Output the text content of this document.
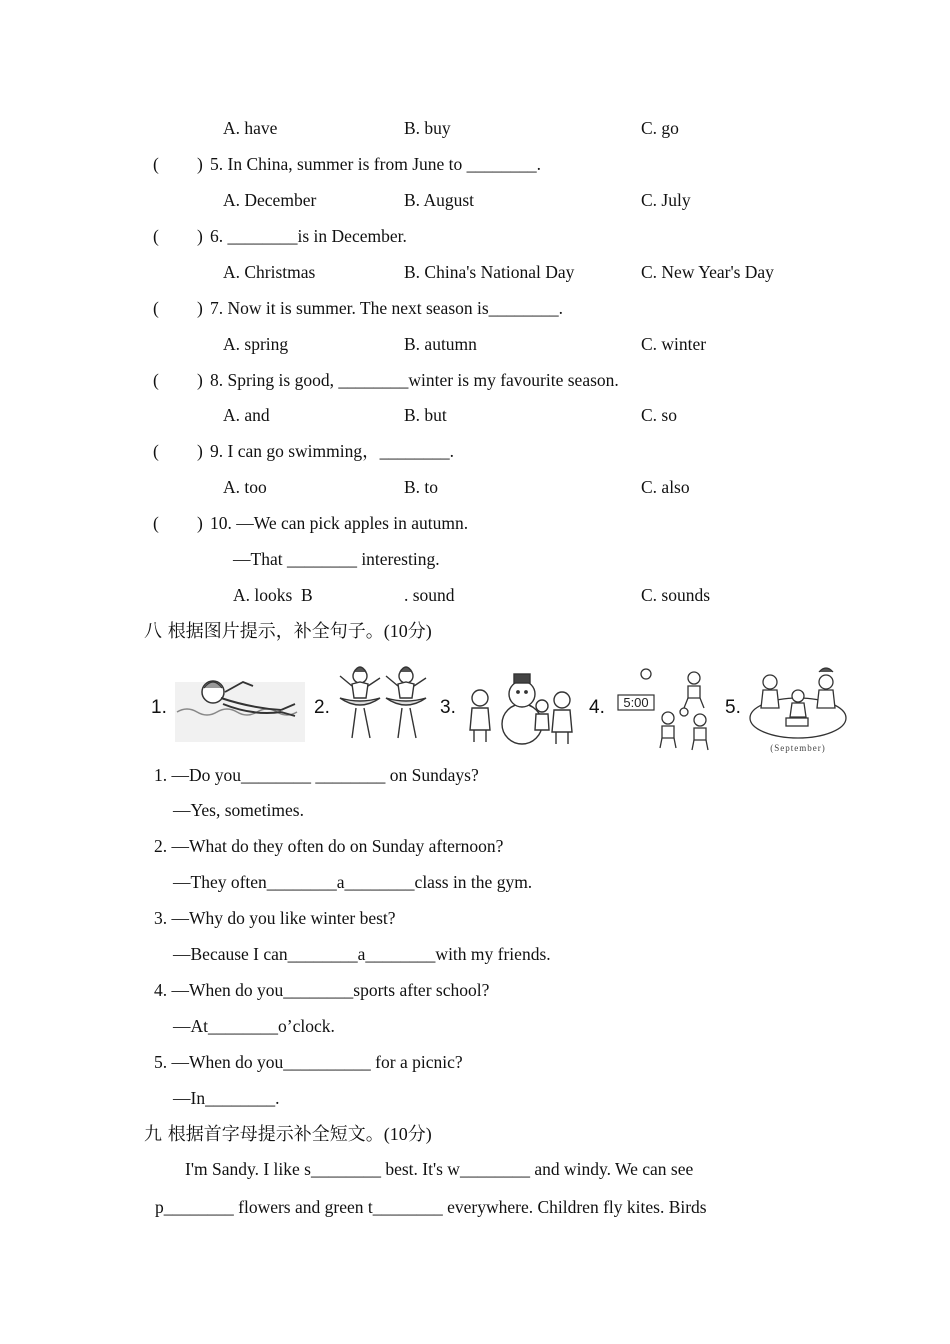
A. have	B. buy	C. go
( ) 5. In China, summer is from June to ________.
A. December	B. August	C. July
( ) 6. ________is in December.
A. Christmas	B. China's National Day	C. New Year's Day
( ) 7. Now it is summer. The next season is________.
A. spring	B. autumn	C. winter
( ) 8. Spring is good, ________winter is my favourite season.
A. and	B. but	C. so
( ) 9. I can go swimming，________.
A. too	B. to	C. also
( ) 10. —We can pick apples in autumn.
—That ________ interesting.
A. looks  B	. sound	C. sounds
八 根据图片提示，补全句子。(10分)
1.	2.	3.	4. 5:00	5.
(September)
1. —Do you________ ________ on Sundays?
—Yes, sometimes.
2. —What do they often do on Sunday afternoon?
—They often________a________class in the gym.
3. —Why do you like winter best?
—Because I can________a________with my friends.
4. —When do you________sports after school?
—At________o’clock.
5. —When do you__________ for a picnic?
—In________.
九 根据首字母提示补全短文。(10分)
I'm Sandy. I like s________ best. It's w________ and windy. We can see
p________ flowers and green t________ everywhere. Children fly kites. Birds
